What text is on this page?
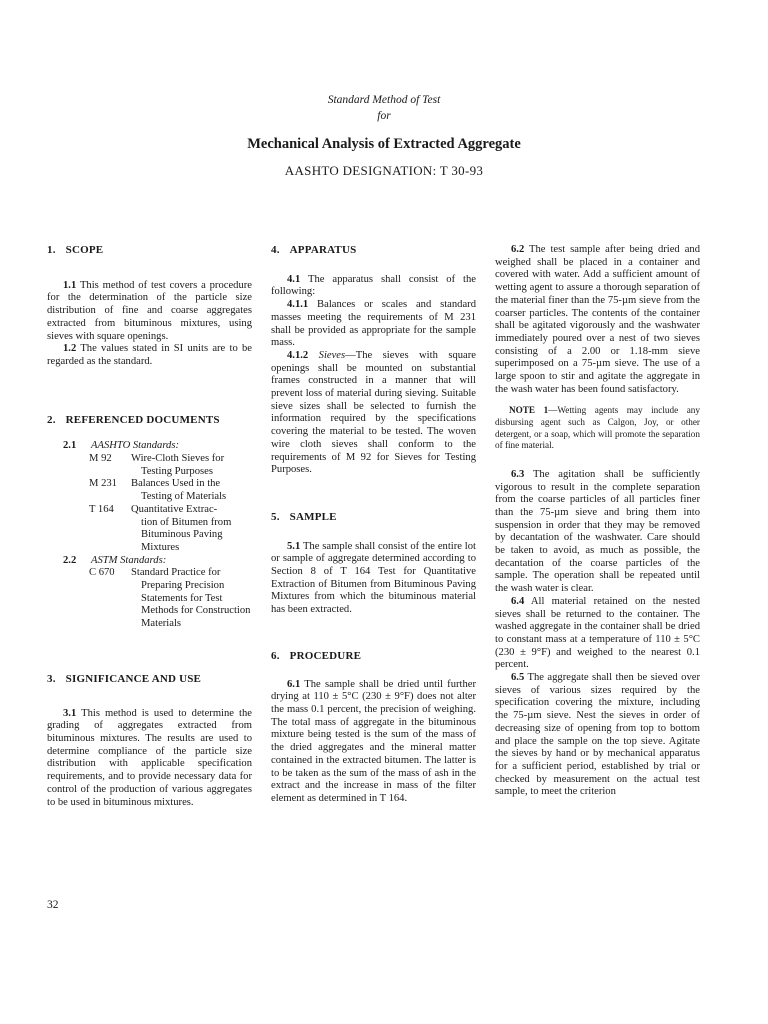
Standard Method of Test
for
Mechanical Analysis of Extracted Aggregate
AASHTO DESIGNATION: T 30-93
1. SCOPE

1.1 This method of test covers a procedure for the determination of the particle size distribution of fine and coarse aggregates extracted from bituminous mixtures, using sieves with square openings.

1.2 The values stated in SI units are to be regarded as the standard.

2. REFERENCED DOCUMENTS
2.1	AASHTO Standards:
M 92	Wire-Cloth Sieves for
Testing Purposes
M 231	Balances Used in the
Testing of Materials
T 164	Quantitative Extrac-
tion of Bitumen from Bituminous Paving Mixtures
2.2	ASTM Standards:
C 670	Standard Practice for
Preparing Precision Statements for Test Methods for Construction Materials
3. SIGNIFICANCE AND USE

3.1 This method is used to determine the grading of aggregates extracted from bituminous mixtures. The results are used to determine compliance of the particle size distribution with applicable specification requirements, and to provide necessary data for control of the production of various aggregates to be used in bituminous mixtures.

4. APPARATUS

4.1 The apparatus shall consist of the following:

4.1.1 Balances or scales and standard masses meeting the requirements of M 231 shall be provided as appropriate for the sample mass.

4.1.2 Sieves—The sieves with square openings shall be mounted on substantial frames constructed in a manner that will prevent loss of material during sieving. Suitable sieve sizes shall be selected to furnish the information required by the specifications covering the material to be tested. The woven wire cloth sieves shall conform to the requirements of M 92 for Sieves for Testing Purposes.

5. SAMPLE

5.1 The sample shall consist of the entire lot or sample of aggregate determined according to Section 8 of T 164 Test for Quantitative Extraction of Bitumen from Bituminous Paving Mixtures from which the bituminous material has been extracted.

6. PROCEDURE

6.1 The sample shall be dried until further drying at 110 ± 5°C (230 ± 9°F) does not alter the mass 0.1 percent, the precision of weighing. The total mass of aggregate in the bituminous mixture being tested is the sum of the mass of the dried aggregates and the mineral matter contained in the extracted bitumen. The latter is to be taken as the sum of the mass of ash in the extract and the increase in mass of the filter element as determined in T 164.

6.2 The test sample after being dried and weighed shall be placed in a container and covered with water. Add a sufficient amount of wetting agent to assure a thorough separation of the material finer than the 75-µm sieve from the coarser particles. The contents of the container shall be agitated vigorously and the washwater immediately poured over a nest of two sieves consisting of a 2.00 or 1.18-mm sieve superimposed on a 75-µm sieve. The use of a large spoon to stir and agitate the aggregate in the wash water has been found satisfactory.

NOTE 1—Wetting agents may include any disbursing agent such as Calgon, Joy, or other detergent, or a soap, which will promote the separation of fine material.

6.3 The agitation shall be sufficiently vigorous to result in the complete separation from the coarse particles of all particles finer than the 75-µm sieve and bring them into suspension in order that they may be removed by decantation of the washwater. Care should be taken to avoid, as much as possible, the decantation of the coarse particles of the sample. The operation shall be repeated until the wash water is clear.

6.4 All material retained on the nested sieves shall be returned to the container. The washed aggregate in the container shall be dried to constant mass at a temperature of 110 ± 5°C (230 ± 9°F) and weighed to the nearest 0.1 percent.

6.5 The aggregate shall then be sieved over sieves of various sizes required by the specification covering the mixture, including the 75-µm sieve. Nest the sieves in order of decreasing size of opening from top to bottom and place the sample on the top sieve. Agitate the sieves by hand or by mechanical apparatus for a sufficient period, established by trial or checked by measurement on the actual test sample, to meet the criterion

32
